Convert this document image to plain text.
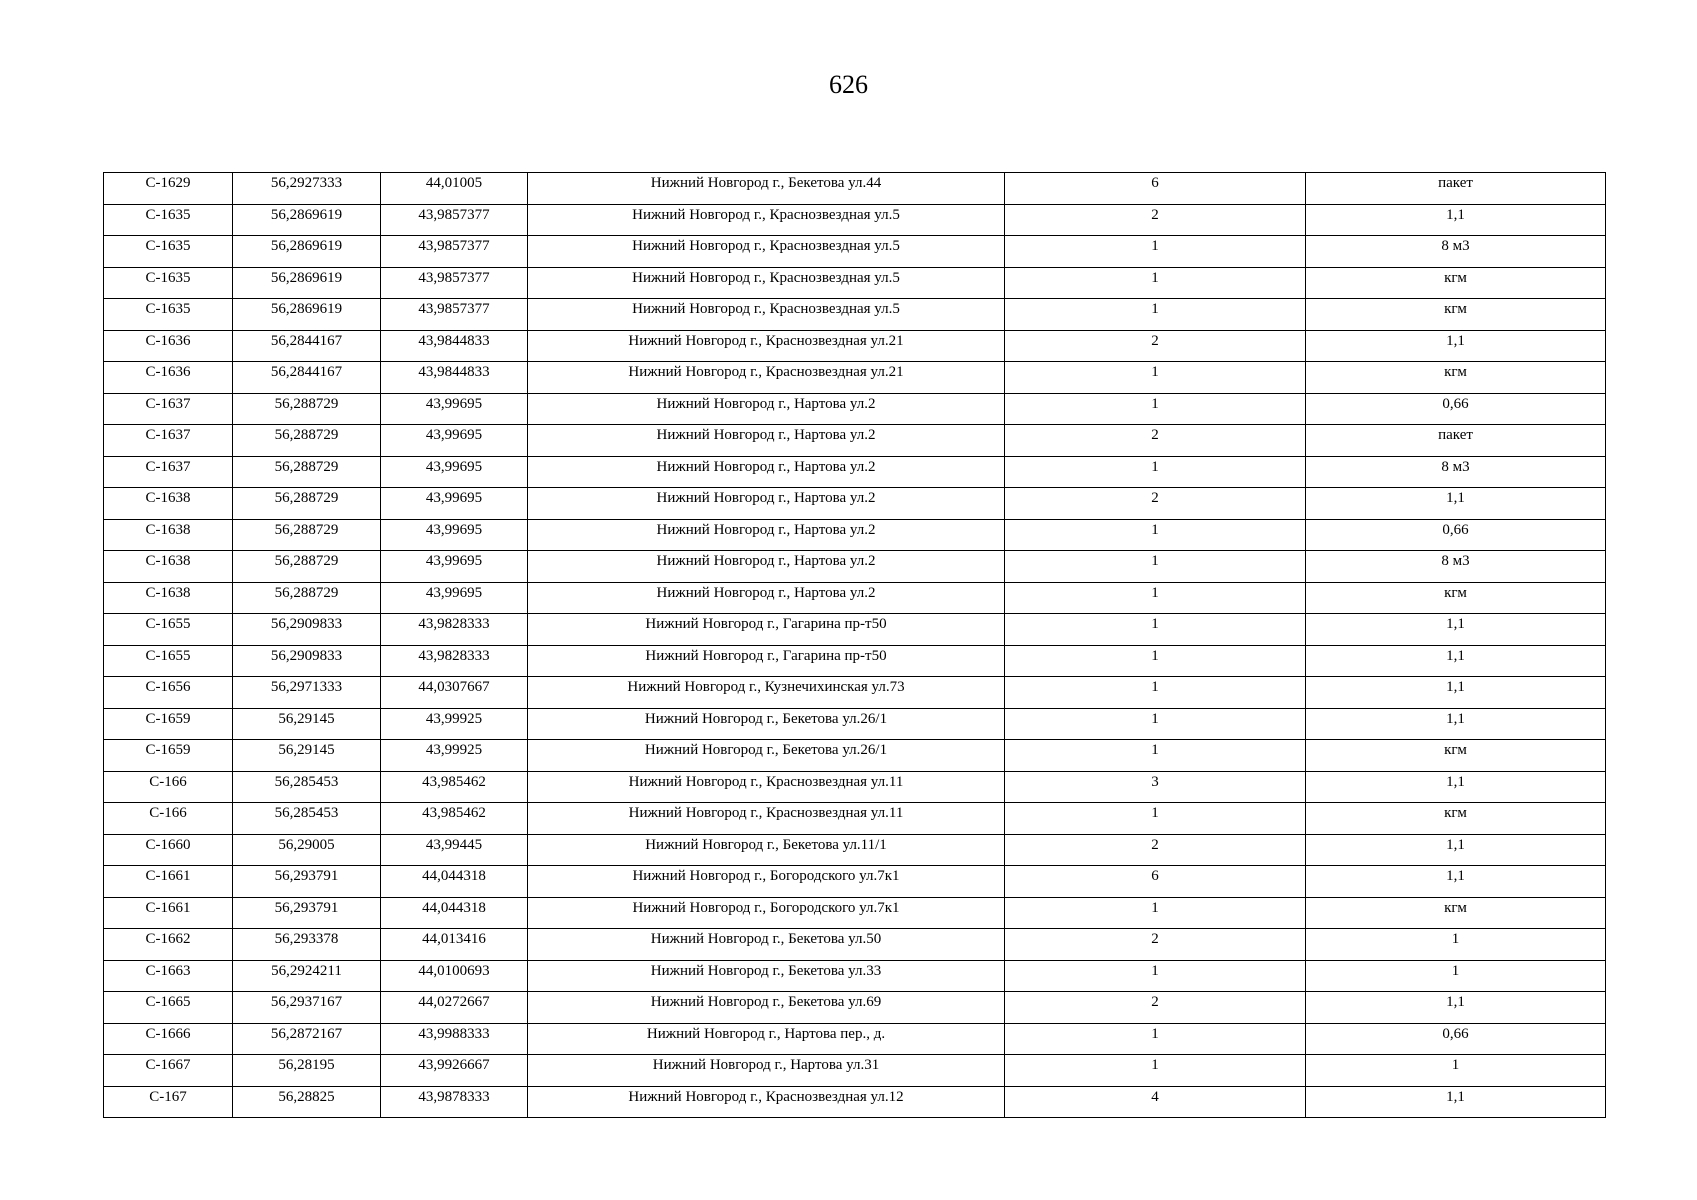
626
С-1629	56,2927333	44,01005	Нижний Новгород г., Бекетова ул.44	6	пакет
С-1635	56,2869619	43,9857377	Нижний Новгород г., Краснозвездная ул.5	2	1,1
С-1635	56,2869619	43,9857377	Нижний Новгород г., Краснозвездная ул.5	1	8 м3
С-1635	56,2869619	43,9857377	Нижний Новгород г., Краснозвездная ул.5	1	кгм
С-1635	56,2869619	43,9857377	Нижний Новгород г., Краснозвездная ул.5	1	кгм
С-1636	56,2844167	43,9844833	Нижний Новгород г., Краснозвездная ул.21	2	1,1
С-1636	56,2844167	43,9844833	Нижний Новгород г., Краснозвездная ул.21	1	кгм
С-1637	56,288729	43,99695	Нижний Новгород г., Нартова ул.2	1	0,66
С-1637	56,288729	43,99695	Нижний Новгород г., Нартова ул.2	2	пакет
С-1637	56,288729	43,99695	Нижний Новгород г., Нартова ул.2	1	8 м3
С-1638	56,288729	43,99695	Нижний Новгород г., Нартова ул.2	2	1,1
С-1638	56,288729	43,99695	Нижний Новгород г., Нартова ул.2	1	0,66
С-1638	56,288729	43,99695	Нижний Новгород г., Нартова ул.2	1	8 м3
С-1638	56,288729	43,99695	Нижний Новгород г., Нартова ул.2	1	кгм
С-1655	56,2909833	43,9828333	Нижний Новгород г., Гагарина пр-т50	1	1,1
С-1655	56,2909833	43,9828333	Нижний Новгород г., Гагарина пр-т50	1	1,1
С-1656	56,2971333	44,0307667	Нижний Новгород г., Кузнечихинская ул.73	1	1,1
С-1659	56,29145	43,99925	Нижний Новгород г., Бекетова ул.26/1	1	1,1
С-1659	56,29145	43,99925	Нижний Новгород г., Бекетова ул.26/1	1	кгм
С-166	56,285453	43,985462	Нижний Новгород г., Краснозвездная ул.11	3	1,1
С-166	56,285453	43,985462	Нижний Новгород г., Краснозвездная ул.11	1	кгм
С-1660	56,29005	43,99445	Нижний Новгород г., Бекетова ул.11/1	2	1,1
С-1661	56,293791	44,044318	Нижний Новгород г., Богородского ул.7к1	6	1,1
С-1661	56,293791	44,044318	Нижний Новгород г., Богородского ул.7к1	1	кгм
С-1662	56,293378	44,013416	Нижний Новгород г., Бекетова ул.50	2	1
С-1663	56,2924211	44,0100693	Нижний Новгород г., Бекетова ул.33	1	1
С-1665	56,2937167	44,0272667	Нижний Новгород г., Бекетова ул.69	2	1,1
С-1666	56,2872167	43,9988333	Нижний Новгород г., Нартова пер., д.	1	0,66
С-1667	56,28195	43,9926667	Нижний Новгород г., Нартова ул.31	1	1
С-167	56,28825	43,9878333	Нижний Новгород г., Краснозвездная ул.12	4	1,1
